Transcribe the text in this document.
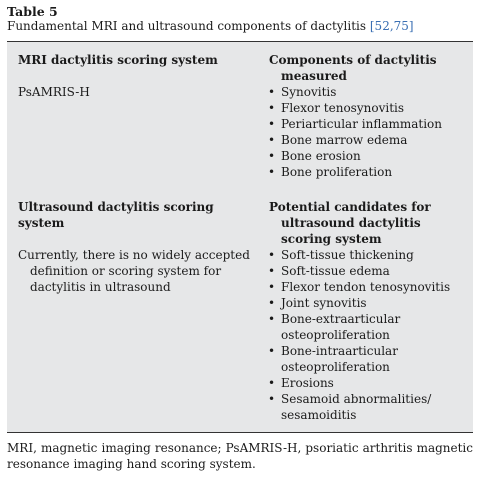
Table 5
Fundamental MRI and ultrasound components of dactylitis [52,75]
MRI dactylitis scoring system	Components of dactylitis measured
PsAMRIS-H
•	Synovitis
• Flexor tenosynovitis
• Periarticular inflammation
• Bone marrow edema
• Bone erosion
• Bone proliferation
Ultrasound dactylitis scoring system
Potential candidates for ultrasound dactylitis scoring system
Currently, there is no widely accepted definition or scoring system for dactylitis in ultrasound
• Soft-tissue thickening
• Soft-tissue edema
• Flexor tendon tenosynovitis
• Joint synovitis
• Bone-extraarticular osteoproliferation
• Bone-intraarticular osteoproliferation
• Erosions
• Sesamoid abnormalities/ sesamoiditis
MRI, magnetic imaging resonance; PsAMRIS-H, psoriatic arthritis magnetic resonance imaging hand scoring system.
